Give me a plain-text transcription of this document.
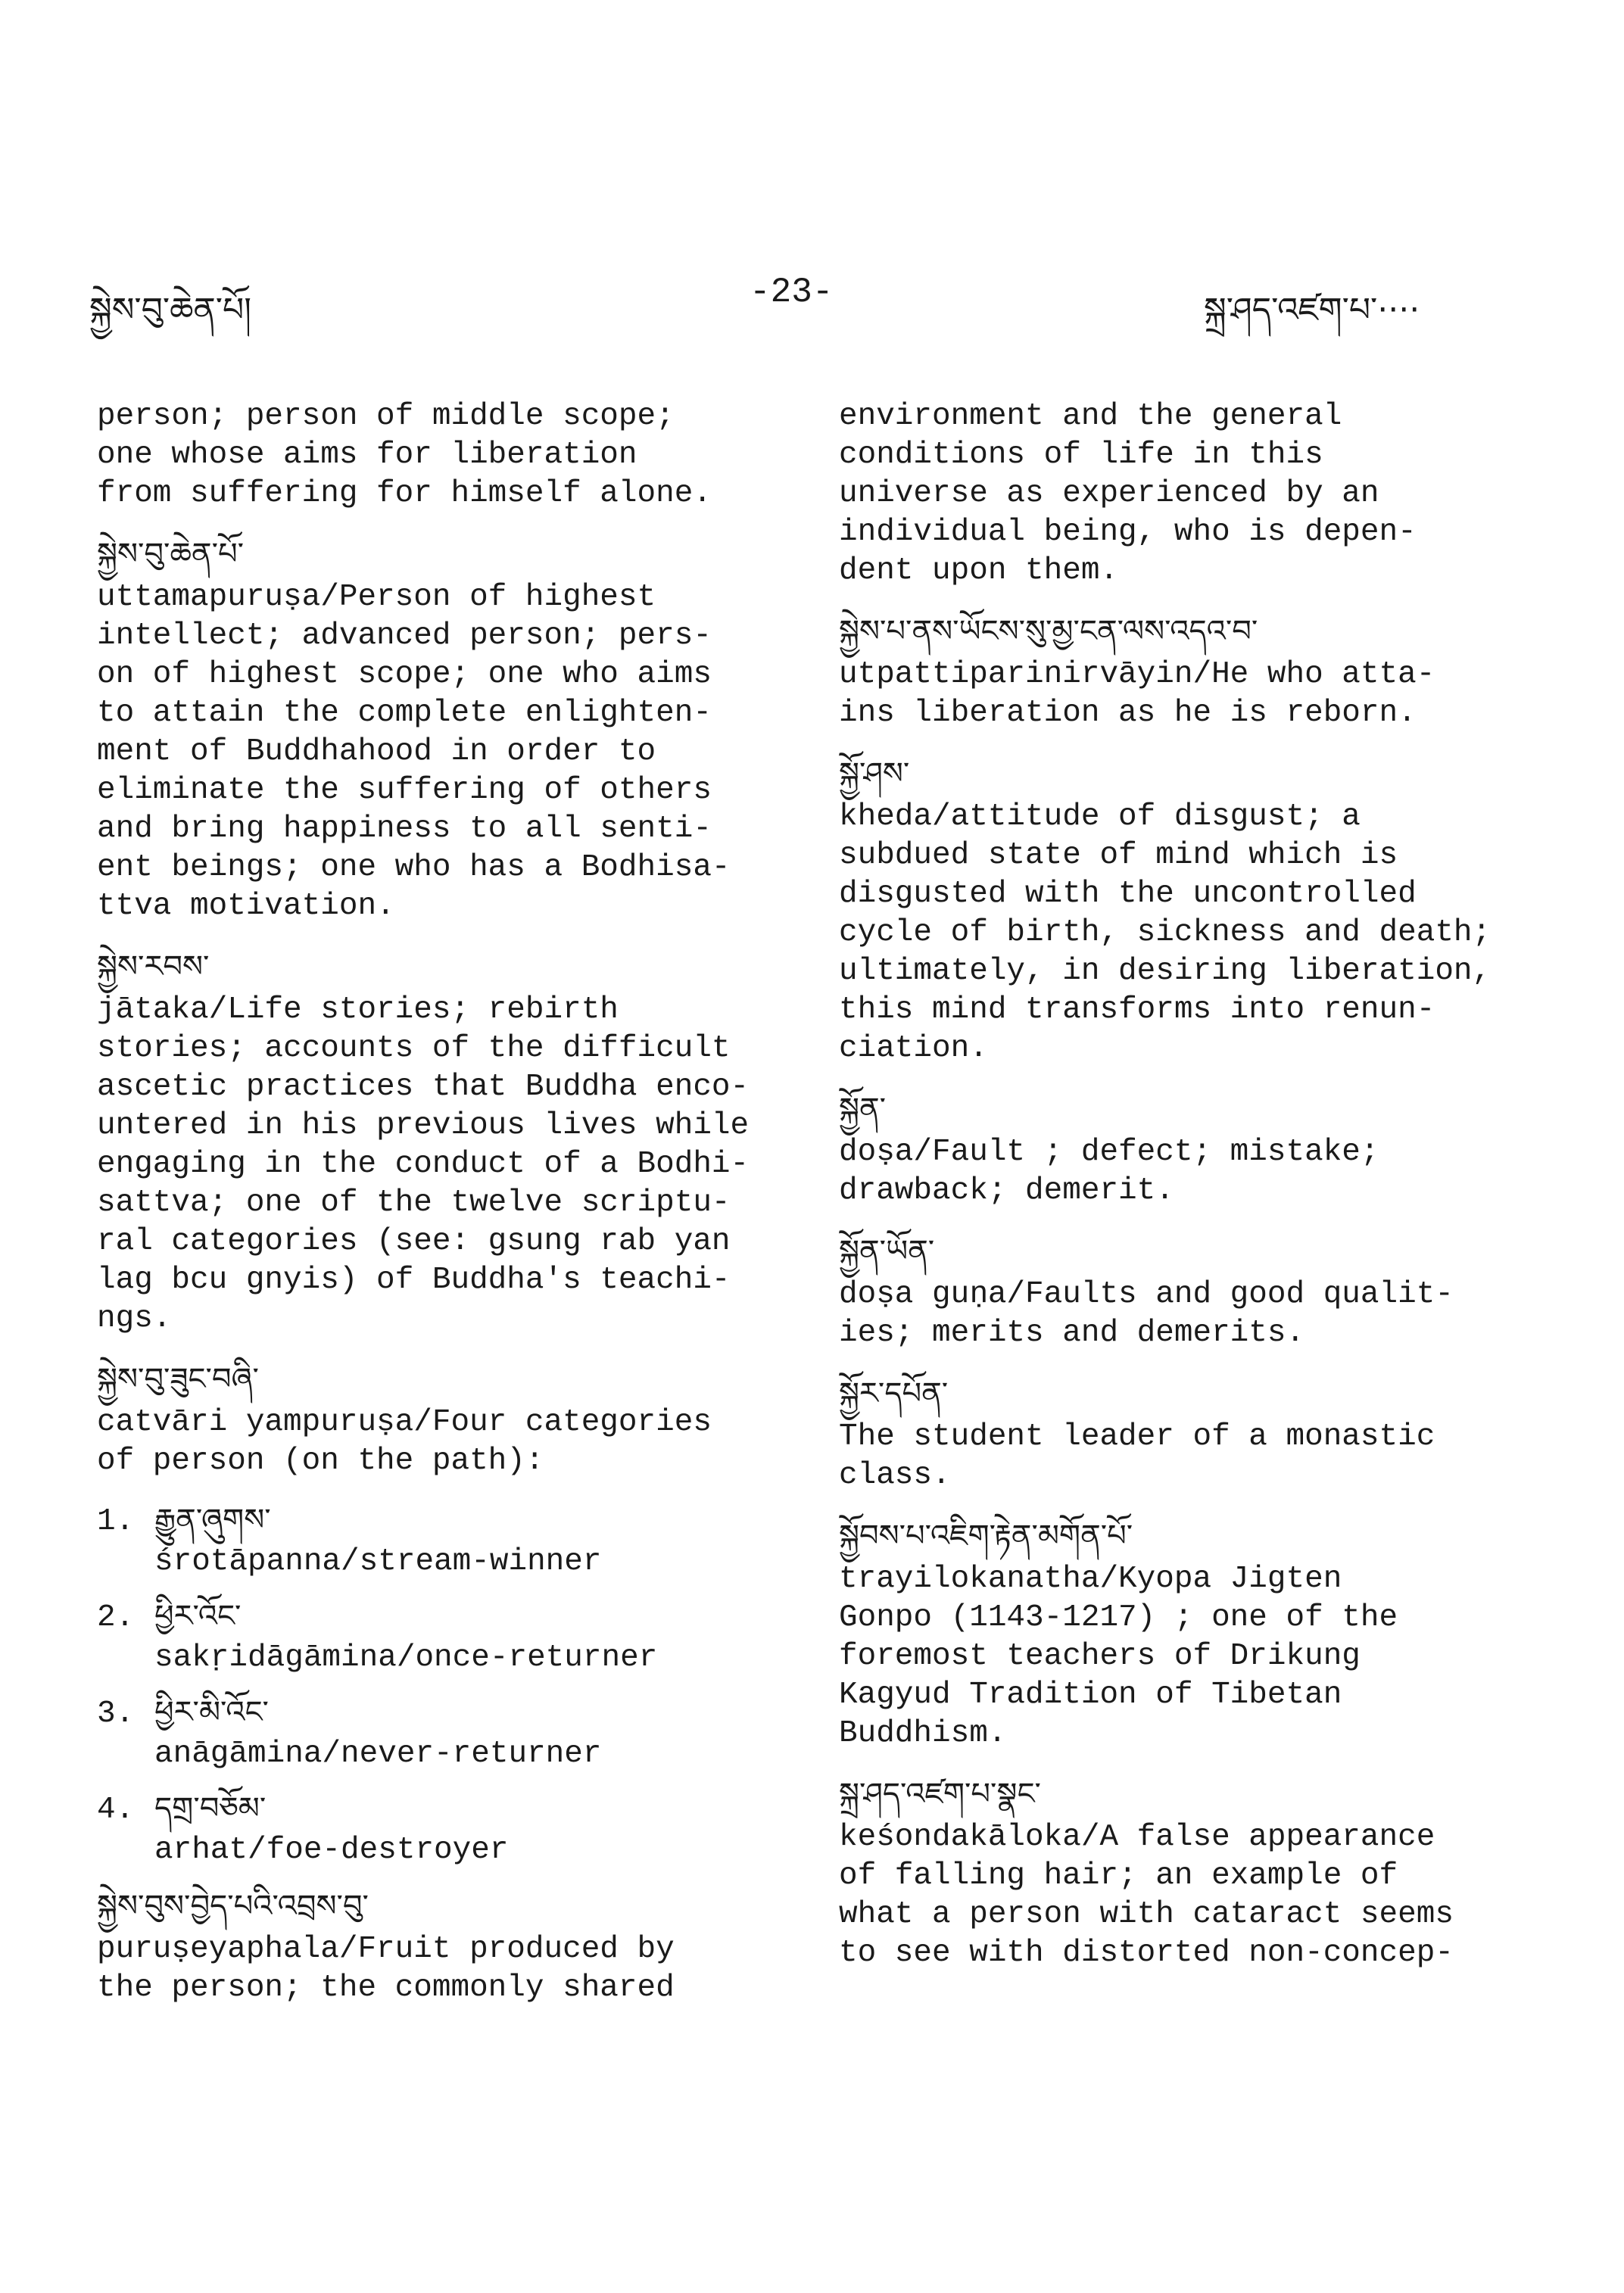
སྐྱེས་བུ་ཆེན་པོ།	-23-	སྐྲ་ཤད་འཛག་པ་····
person; person of middle scope;
one whose aims for liberation
from suffering for himself alone.
སྐྱེས་བུ་ཆེན་པོ་
uttamapuruṣa/Person of highest
intellect; advanced person; pers-
on of highest scope; one who aims
to attain the complete enlighten-
ment of Buddhahood in order to
eliminate the suffering of others
and bring happiness to all senti-
ent beings; one who has a Bodhisa-
ttva motivation.
སྐྱེས་རབས་
jātaka/Life stories; rebirth
stories; accounts of the difficult
ascetic practices that Buddha enco-
untered in his previous lives while
engaging in the conduct of a Bodhi-
sattva; one of the twelve scriptu-
ral categories (see: gsung rab yan
lag bcu gnyis) of Buddha's teachi-
ngs.
སྐྱེས་བུ་ཟུང་བཞི་
catvāri yampuruṣa/Four categories
of person (on the path):
1. རྒྱུན་ཞུགས་
śrotāpanna/stream-winner
2. ཕྱིར་འོང་
sakṛidāgāmina/once-returner
3. ཕྱིར་མི་འོང་
anāgāmina/never-returner
4. དགྲ་བཅོམ་
arhat/foe-destroyer
སྐྱེས་བུས་བྱེད་པའི་འབྲས་བུ་
puruṣeyaphala/Fruit produced by
the person; the commonly shared
environment and the general
conditions of life in this
universe as experienced by an
individual being, who is depen-
dent upon them.
སྐྱེས་པ་ནས་ཡོངས་སུ་མྱ་ངན་ལས་འདའ་བ་
utpattiparinirvāyin/He who atta-
ins liberation as he is reborn.
སྐྱོ་ཤས་
kheda/attitude of disgust; a
subdued state of mind which is
disgusted with the uncontrolled
cycle of birth, sickness and death;
ultimately, in desiring liberation,
this mind transforms into renun-
ciation.
སྐྱོན་
doṣa/Fault ; defect; mistake;
drawback; demerit.
སྐྱོན་ཡོན་
doṣa guṇa/Faults and good qualit-
ies; merits and demerits.
སྐྱོར་དཔོན་
The student leader of a monastic
class.
སྐྱོབས་པ་འཇིག་རྟེན་མགོན་པོ་
trayilokanatha/Kyopa Jigten
Gonpo (1143-1217) ; one of the
foremost teachers of Drikung
Kagyud Tradition of Tibetan
Buddhism.
སྐྲ་ཤད་འཛག་པ་སྣང་
keśondakāloka/A false appearance
of falling hair; an example of
what a person with cataract seems
to see with distorted non-concep-
